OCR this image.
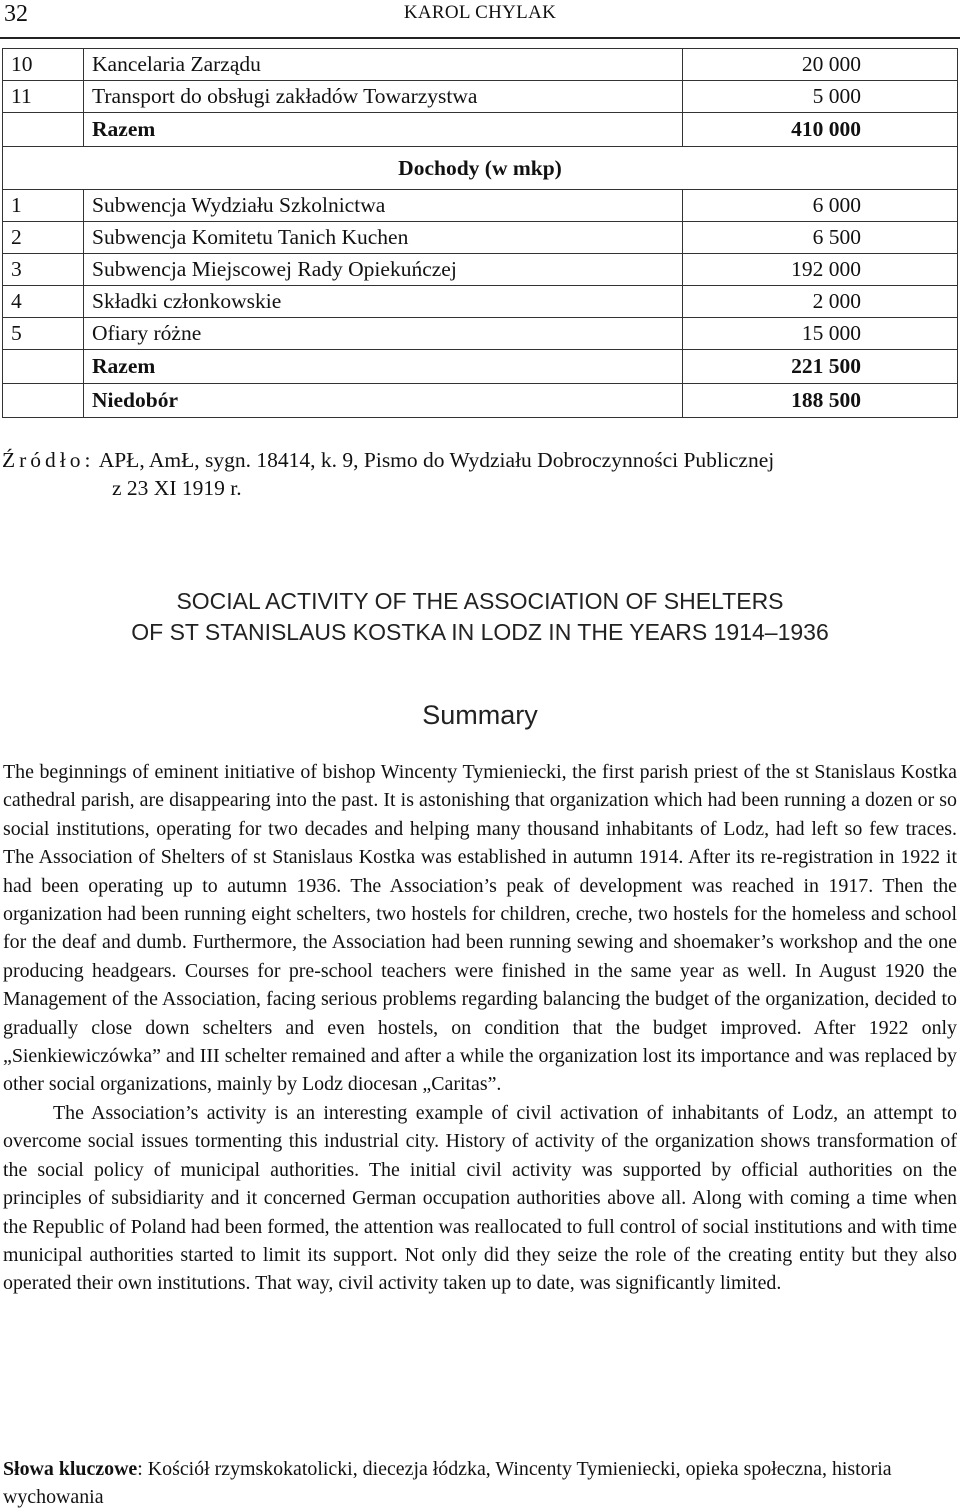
32	KAROL CHYLAK
10	Kancelaria Zarządu	20 000
11	Transport do obsługi zakładów Towarzystwa	5 000
	Razem	410 000
Dochody (w mkp)		
1	Subwencja Wydziału Szkolnictwa	6 000
2	Subwencja Komitetu Tanich Kuchen	6 500
3	Subwencja Miejscowej Rady Opiekuńczej	192 000
4	Składki członkowskie	2 000
5	Ofiary różne	15 000
	Razem	221 500
	Niedobór	188 500
Źródło: APŁ, AmŁ, sygn. 18414, k. 9, Pismo do Wydziału Dobroczynności Publicznej
z 23 XI 1919 r.
SOCIAL ACTIVITY OF THE ASSOCIATION OF SHELTERS
OF ST STANISLAUS KOSTKA IN LODZ IN THE YEARS 1914–1936
Summary

The beginnings of eminent initiative of bishop Wincenty Tymieniecki, the first parish priest of the st Stanislaus Kostka cathedral parish, are disappearing into the past. It is astonishing that organization which had been running a dozen or so social institutions, operating for two decades and helping many thousand inhabitants of Lodz, had left so few traces. The Association of Shelters of st Stanislaus Kostka was established in autumn 1914. After its re-registration in 1922 it had been operating up to autumn 1936. The Association’s peak of development was reached in 1917. Then the organization had been running eight schelters, two hostels for children, creche, two hostels for the homeless and school for the deaf and dumb. Furthermore, the Association had been running sewing and shoemaker’s workshop and the one producing headgears. Courses for pre-school teachers were finished in the same year as well. In August 1920 the Management of the Association, facing serious problems regarding balancing the budget of the organization, decided to gradually close down schelters and even hostels, on condition that the budget improved. After 1922 only „Sienkiewiczówka” and III schelter remained and after a while the organization lost its importance and was replaced by other social organizations, mainly by Lodz diocesan „Caritas”.

The Association’s activity is an interesting example of civil activation of inhabitants of Lodz, an attempt to overcome social issues tormenting this industrial city. History of activity of the organization shows transformation of the social policy of municipal authorities. The initial civil activity was supported by official authorities on the principles of subsidiarity and it concerned German occupation authorities above all. Along with coming a time when the Republic of Poland had been formed, the attention was reallocated to full control of social institutions and with time municipal authorities started to limit its support. Not only did they seize the role of the creating entity but they also operated their own institutions. That way, civil activity taken up to date, was significantly limited.

Słowa kluczowe: Kościół rzymskokatolicki, diecezja łódzka, Wincenty Tymieniecki, opieka społeczna, historia wychowania
